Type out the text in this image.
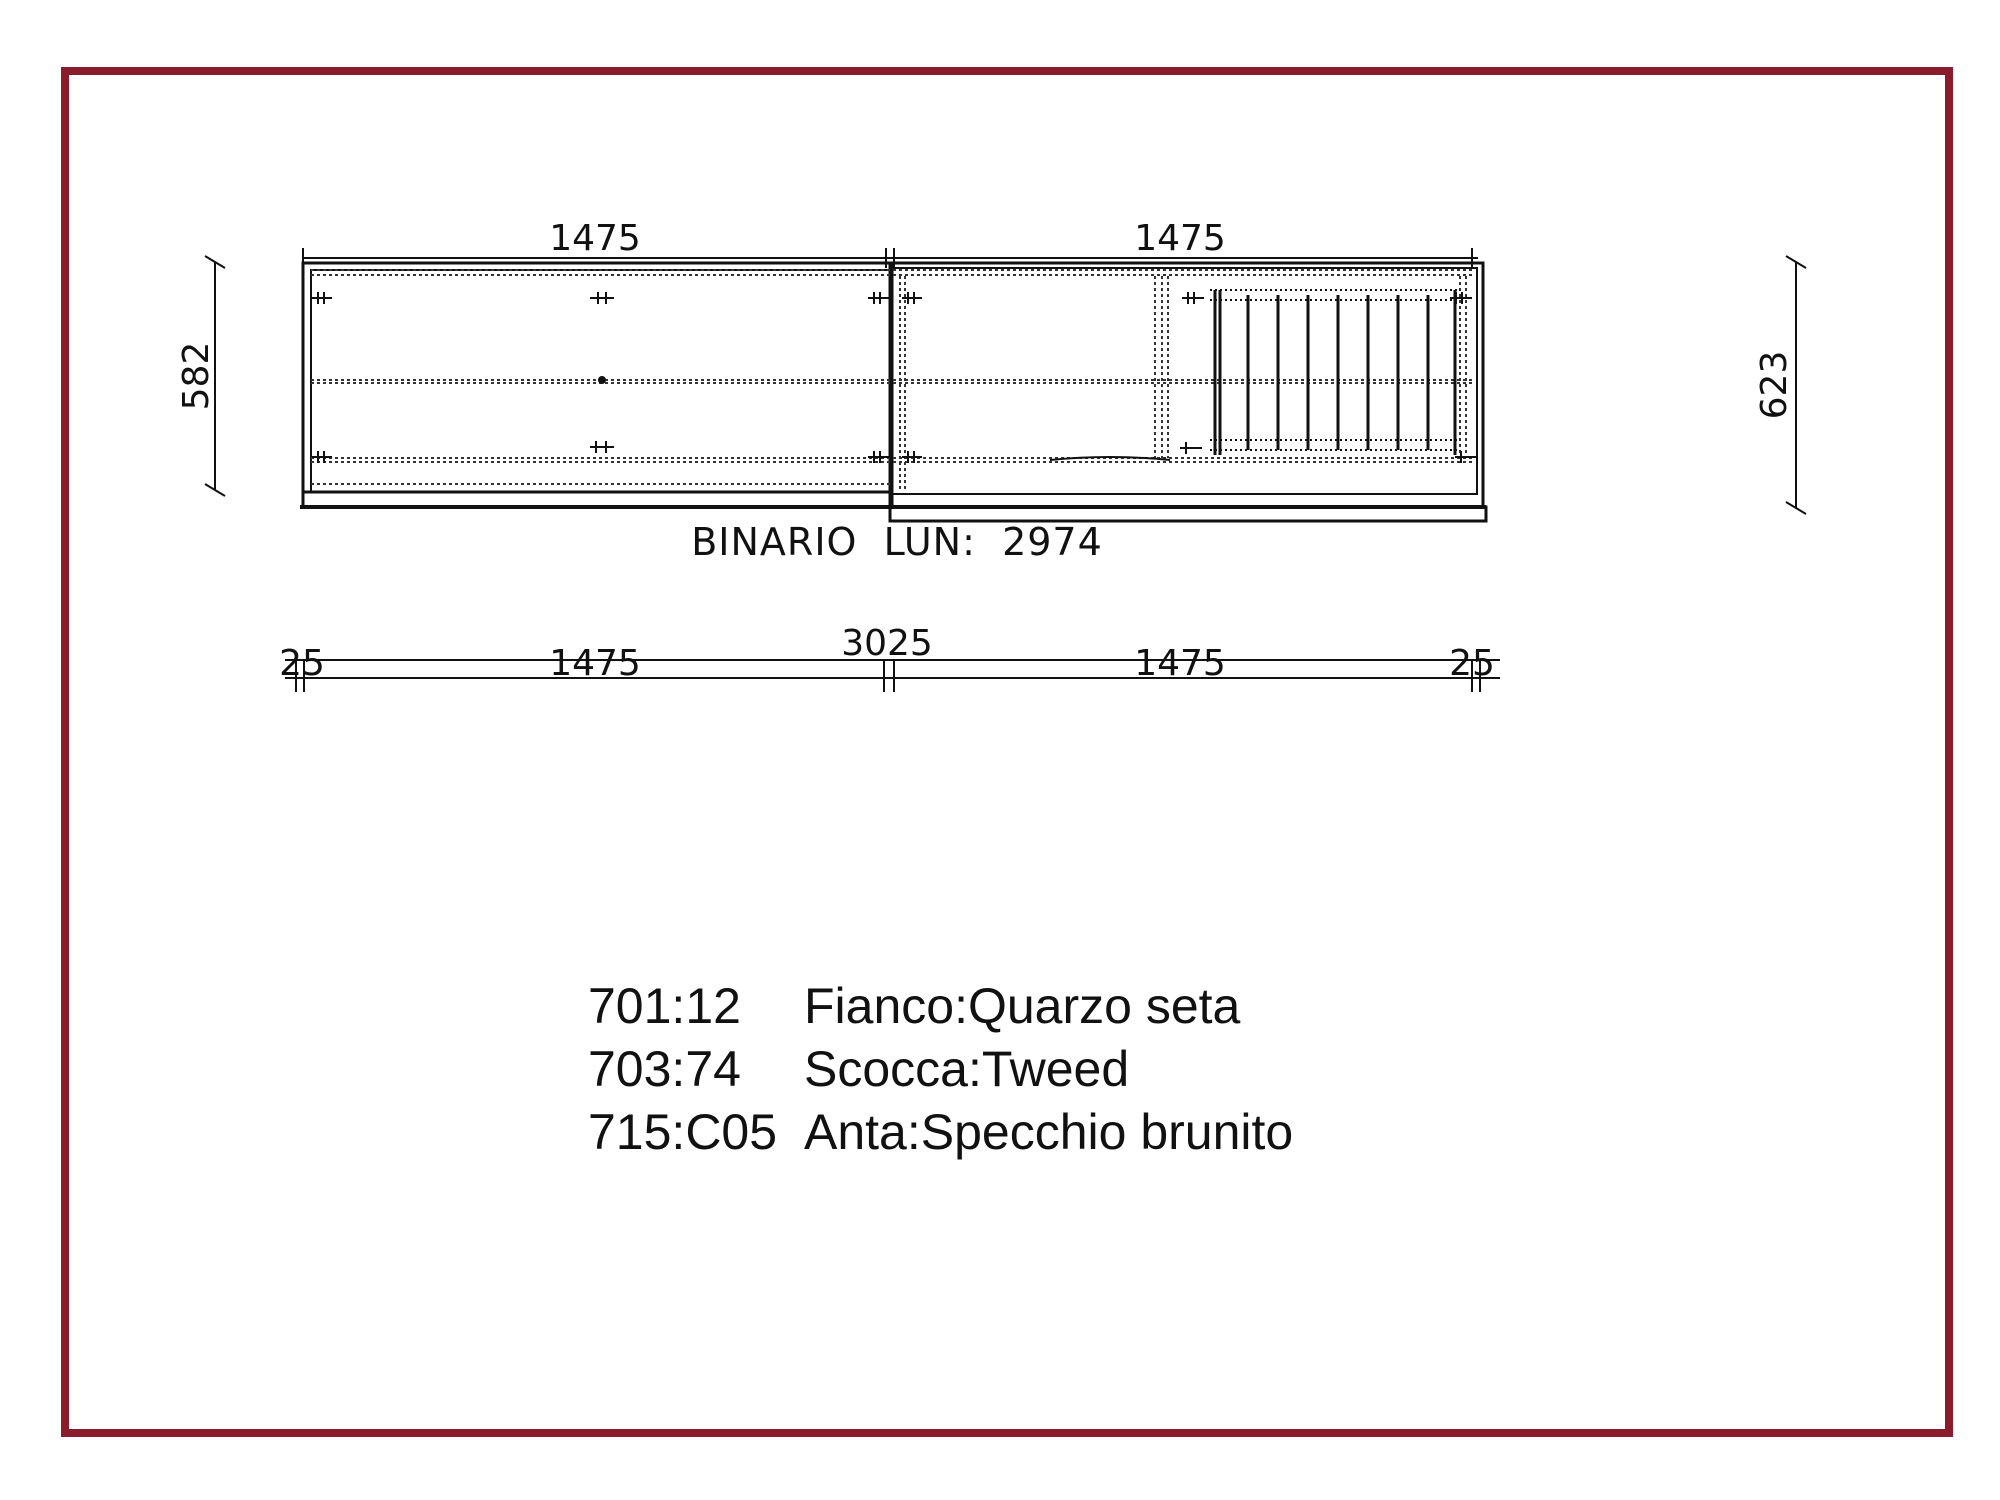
1475	1475
582	623
BINARIO  LUN:  2974
25	1475	3025	1475	25
701:12	Fianco:Quarzo seta
703:74	Scocca:Tweed
715:C05 Anta:Specchio brunito
